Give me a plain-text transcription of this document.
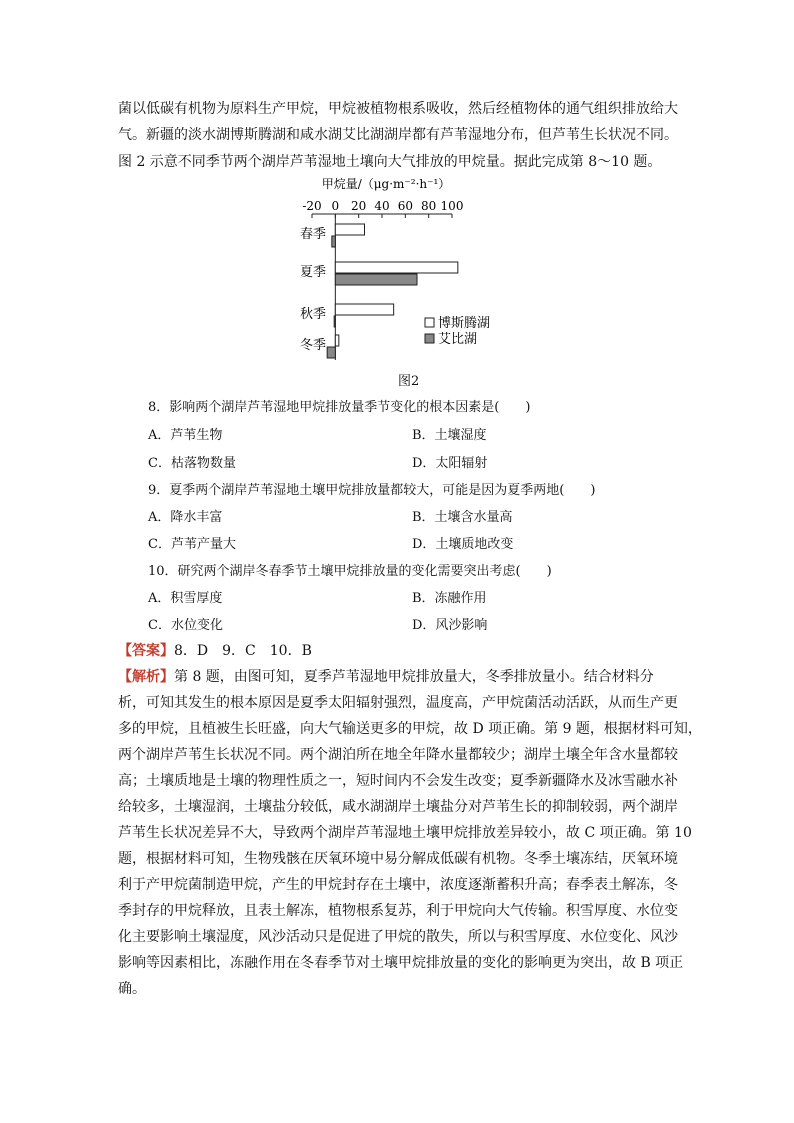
菌以低碳有机物为原料生产甲烷，甲烷被植物根系吸收，然后经植物体的通气组织排放给大
气。新疆的淡水湖博斯腾湖和咸水湖艾比湖湖岸都有芦苇湿地分布，但芦苇生长状况不同。
图 2 示意不同季节两个湖岸芦苇湿地土壤向大气排放的甲烷量。据此完成第 8～10 题。
甲烷量/（μg·m⁻²·h⁻¹）
-20 0 20 40 60 80 100
春季
夏季
秋季
冬季
博斯腾湖
艾比湖
图2
8．影响两个湖岸芦苇湿地甲烷排放量季节变化的根本因素是(　　)
A．芦苇生物	B．土壤湿度
C．枯落物数量	D．太阳辐射
9．夏季两个湖岸芦苇湿地土壤甲烷排放量都较大，可能是因为夏季两地(　　)
A．降水丰富	B．土壤含水量高
C．芦苇产量大	D．土壤质地改变
10．研究两个湖岸冬春季节土壤甲烷排放量的变化需要突出考虑(　　)
A．积雪厚度	B．冻融作用
C．水位变化	D．风沙影响
【答案】8．D　9．C　10．B
【解析】第 8 题，由图可知，夏季芦苇湿地甲烷排放量大，冬季排放量小。结合材料分
析，可知其发生的根本原因是夏季太阳辐射强烈，温度高，产甲烷菌活动活跃，从而生产更
多的甲烷，且植被生长旺盛，向大气输送更多的甲烷，故 D 项正确。第 9 题，根据材料可知，
两个湖岸芦苇生长状况不同。两个湖泊所在地全年降水量都较少；湖岸土壤全年含水量都较
高；土壤质地是土壤的物理性质之一，短时间内不会发生改变；夏季新疆降水及冰雪融水补
给较多，土壤湿润，土壤盐分较低，咸水湖湖岸土壤盐分对芦苇生长的抑制较弱，两个湖岸
芦苇生长状况差异不大，导致两个湖岸芦苇湿地土壤甲烷排放差异较小，故 C 项正确。第 10
题，根据材料可知，生物残骸在厌氧环境中易分解成低碳有机物。冬季土壤冻结，厌氧环境
利于产甲烷菌制造甲烷，产生的甲烷封存在土壤中，浓度逐渐蓄积升高；春季表土解冻，冬
季封存的甲烷释放，且表土解冻，植物根系复苏，利于甲烷向大气传输。积雪厚度、水位变
化主要影响土壤湿度，风沙活动只是促进了甲烷的散失，所以与积雪厚度、水位变化、风沙
影响等因素相比，冻融作用在冬春季节对土壤甲烷排放量的变化的影响更为突出，故 B 项正
确。
